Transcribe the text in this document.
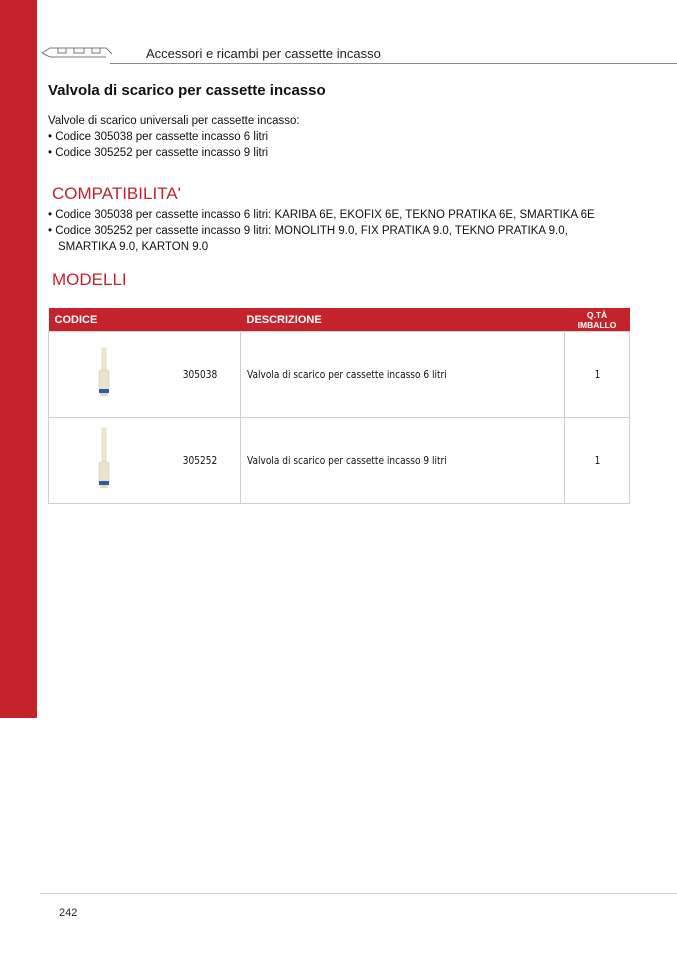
Accessori e ricambi per cassette incasso
Valvola di scarico per cassette incasso

Valvole di scarico universali per cassette incasso:

• Codice 305038 per cassette incasso 6 litri

• Codice 305252 per cassette incasso 9 litri

COMPATIBILITA'

• Codice 305038 per cassette incasso 6 litri: KARIBA 6E, EKOFIX 6E, TEKNO PRATIKA 6E, SMARTIKA 6E

• Codice 305252 per cassette incasso 9 litri: MONOLITH 9.0, FIX PRATIKA 9.0, TEKNO PRATIKA 9.0,

SMARTIKA 9.0, KARTON 9.0

MODELLI
CODICE		DESCRIZIONE	Q.TÀ
IMBALLO

	305038	Valvola di scarico per cassette incasso 6 litri	1
	305252	Valvola di scarico per cassette incasso 9 litri	1
242
